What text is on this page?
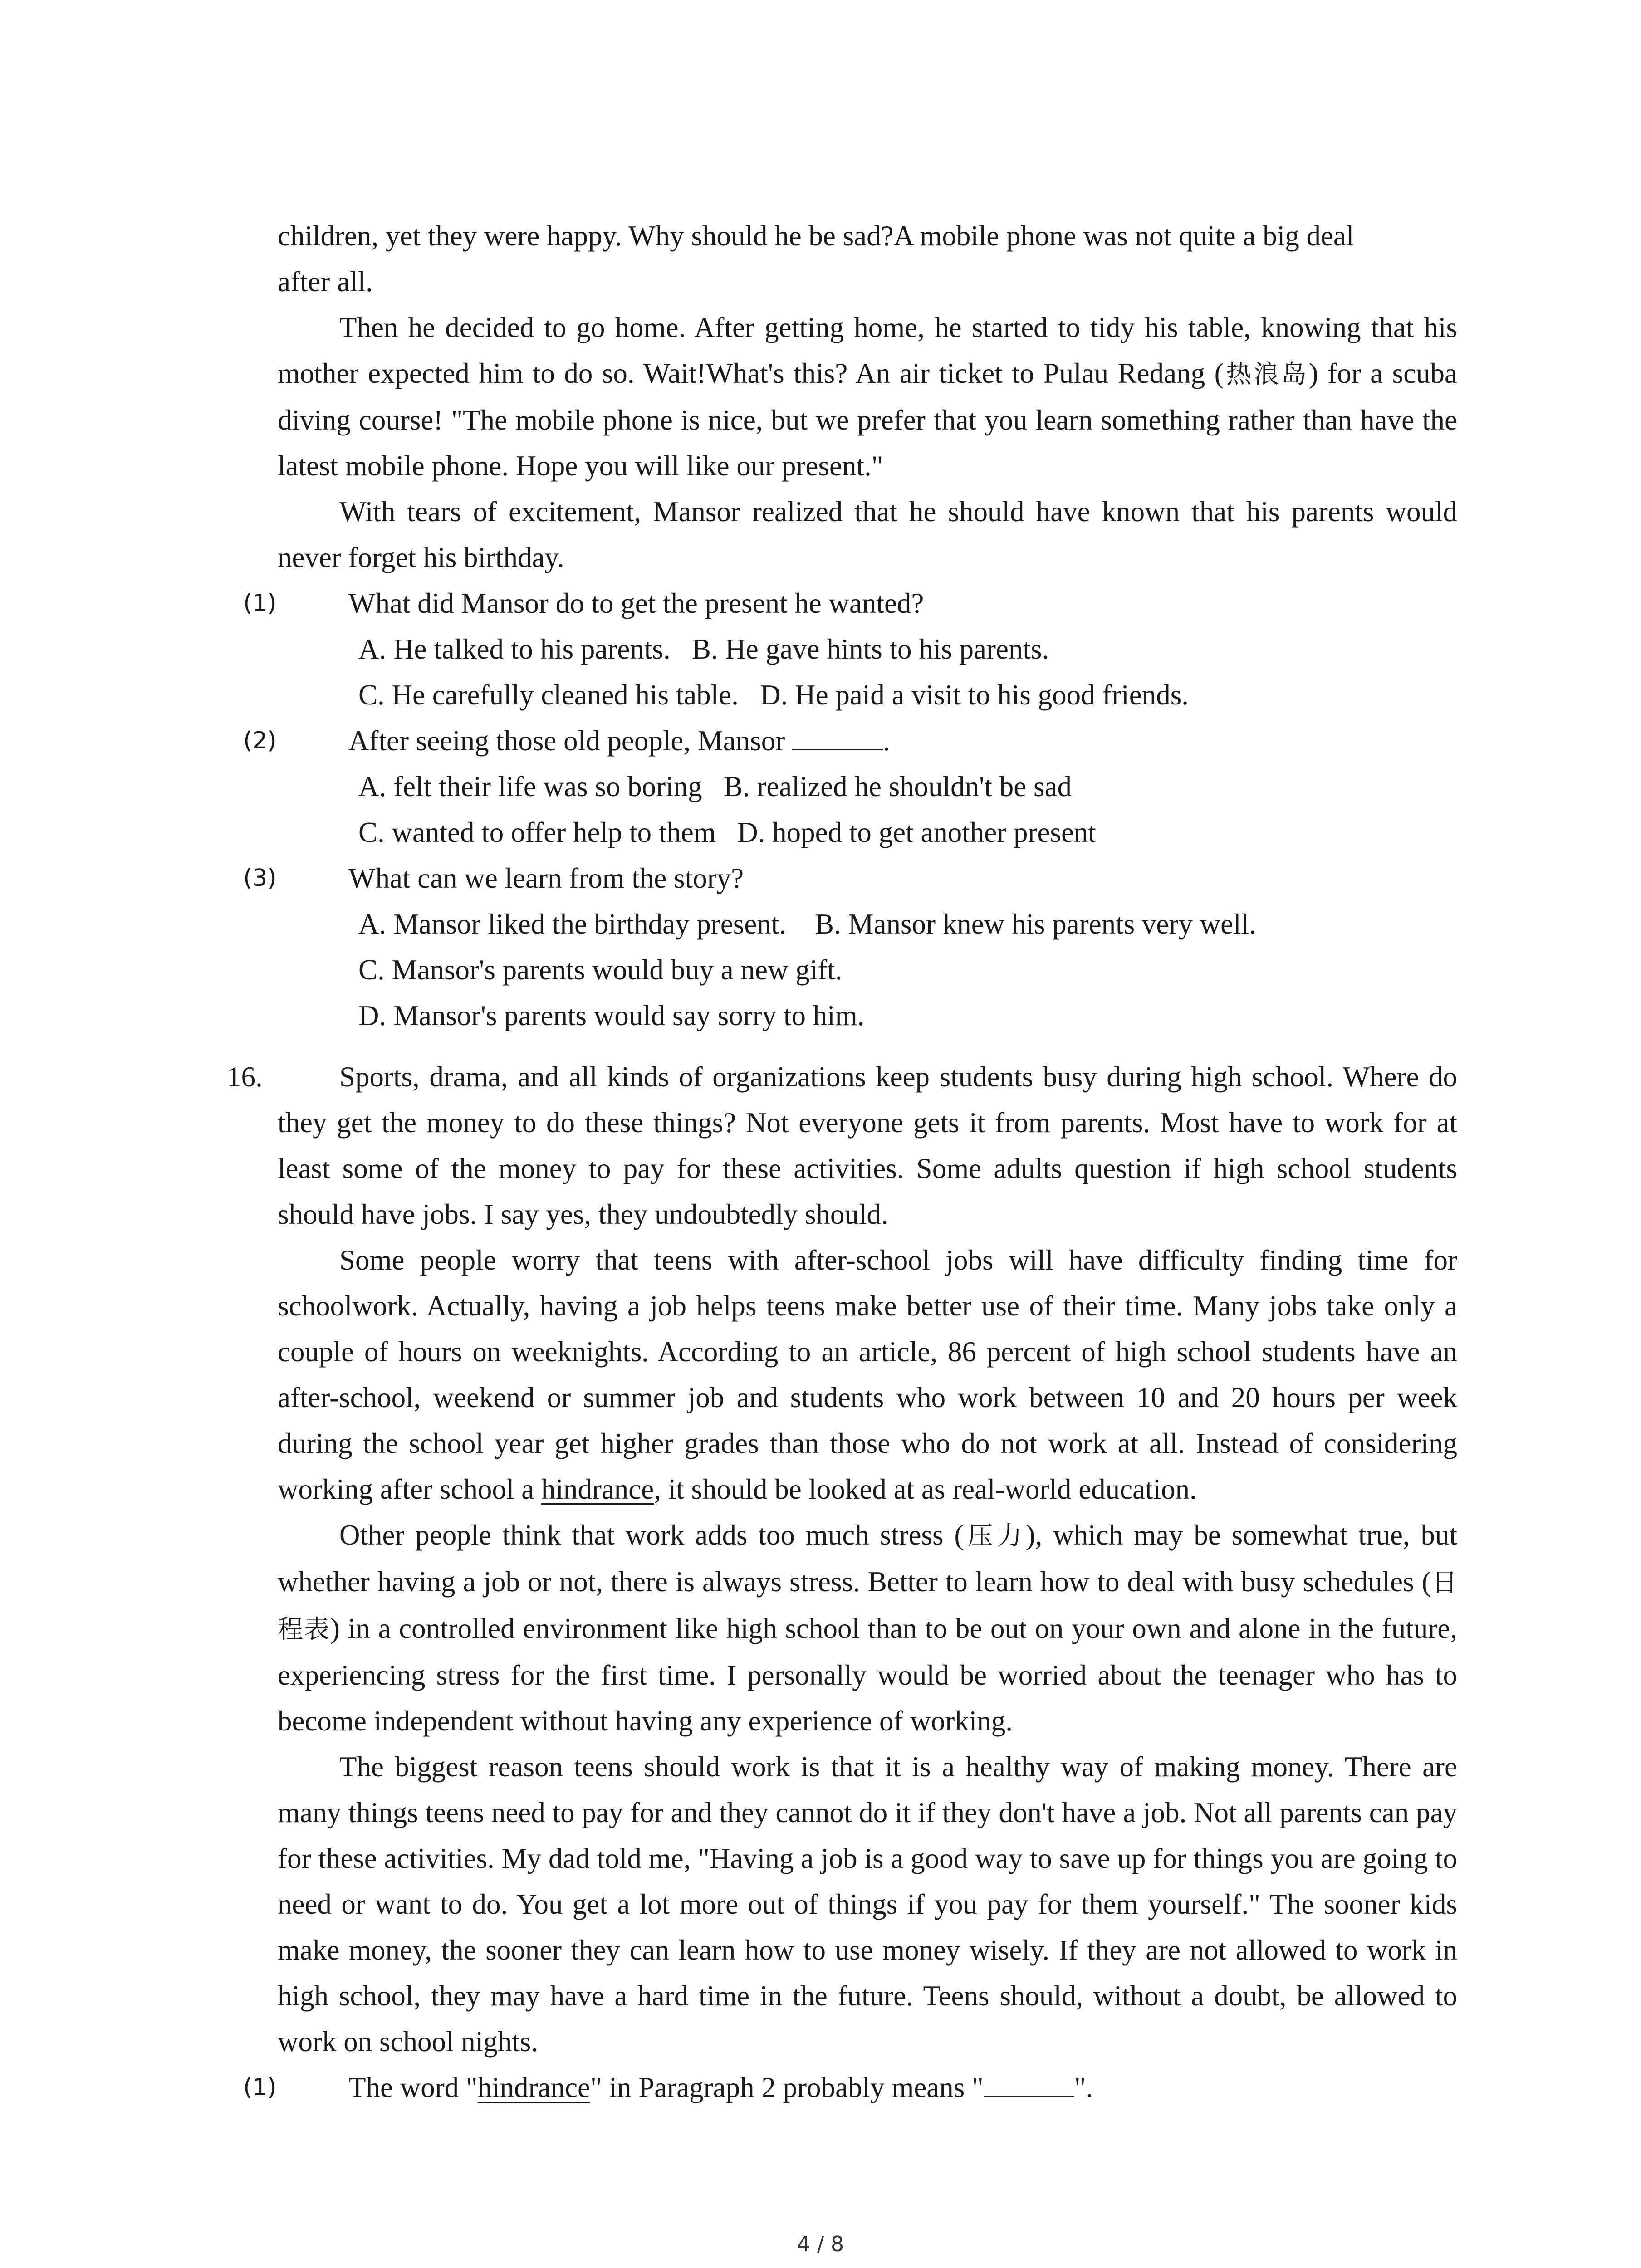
children, yet they were happy. Why should he be sad?A mobile phone was not quite a big deal
after all.

Then he decided to go home. After getting home, he started to tidy his table, knowing that his mother expected him to do so. Wait!What's this? An air ticket to Pulau Redang (热浪岛) for a scuba diving course! "The mobile phone is nice, but we prefer that you learn something rather than have the latest mobile phone. Hope you will like our present."

With tears of excitement, Mansor realized that he should have known that his parents would never forget his birthday.

(1)	What did Mansor do to get the present he wanted?

A. He talked to his parents.   B. He gave hints to his parents.

C. He carefully cleaned his table.   D. He paid a visit to his good friends.

(2)	After seeing those old people, Mansor	.

A. felt their life was so boring   B. realized he shouldn't be sad

C. wanted to offer help to them   D. hoped to get another present

(3)	What can we learn from the story?

A. Mansor liked the birthday present.    B. Mansor knew his parents very well.

C. Mansor's parents would buy a new gift.

D. Mansor's parents would say sorry to him.

16.	Sports, drama, and all kinds of organizations keep students busy during high school. Where do they get the money to do these things? Not everyone gets it from parents. Most have to work for at least some of the money to pay for these activities. Some adults question if high school students should have jobs. I say yes, they undoubtedly should.

Some people worry that teens with after-school jobs will have difficulty finding time for schoolwork. Actually, having a job helps teens make better use of their time. Many jobs take only a couple of hours on weeknights. According to an article, 86 percent of high school students have an after-school, weekend or summer job and students who work between 10 and 20 hours per week during the school year get higher grades than those who do not work at all. Instead of considering working after school a hindrance, it should be looked at as real-world education.

Other people think that work adds too much stress (压力), which may be somewhat true, but whether having a job or not, there is always stress. Better to learn how to deal with busy schedules (日程表) in a controlled environment like high school than to be out on your own and alone in the future, experiencing stress for the first time. I personally would be worried about the teenager who has to become independent without having any experience of working.

The biggest reason teens should work is that it is a healthy way of making money. There are many things teens need to pay for and they cannot do it if they don't have a job. Not all parents can pay for these activities. My dad told me, "Having a job is a good way to save up for things you are going to need or want to do. You get a lot more out of things if you pay for them yourself." The sooner kids make money, the sooner they can learn how to use money wisely. If they are not allowed to work in high school, they may have a hard time in the future. Teens should, without a doubt, be allowed to work on school nights.

(1)	The word "hindrance" in Paragraph 2 probably means "	".
4 / 8
